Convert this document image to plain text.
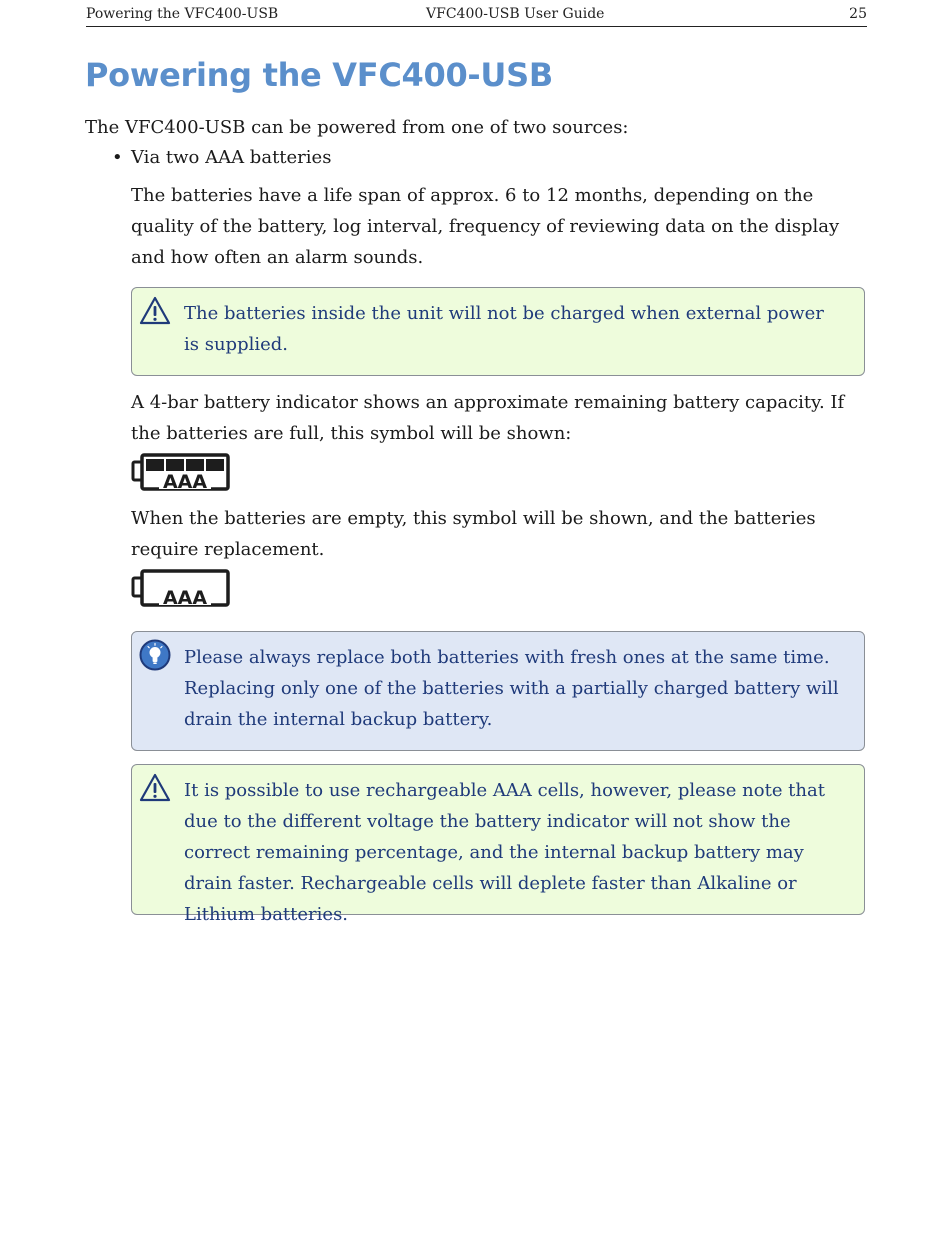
Powering the VFC400-USB	VFC400-USB User Guide	25
Powering the VFC400-USB
The VFC400-USB can be powered from one of two sources:
• Via two AAA batteries
The batteries have a life span of approx. 6 to 12 months, depending on the quality of the battery, log interval, frequency of reviewing data on the display and how often an alarm sounds.
The batteries inside the unit will not be charged when external power is supplied.
A 4-bar battery indicator shows an approximate remaining battery capacity. If the batteries are full, this symbol will be shown:
AAA
When the batteries are empty, this symbol will be shown, and the batteries require replacement.
AAA
Please always replace both batteries with fresh ones at the same time. Replacing only one of the batteries with a partially charged battery will drain the internal backup battery.
It is possible to use rechargeable AAA cells, however, please note that due to the different voltage the battery indicator will not show the correct remaining percentage, and the internal backup battery may drain faster. Rechargeable cells will deplete faster than Alkaline or Lithium batteries.
